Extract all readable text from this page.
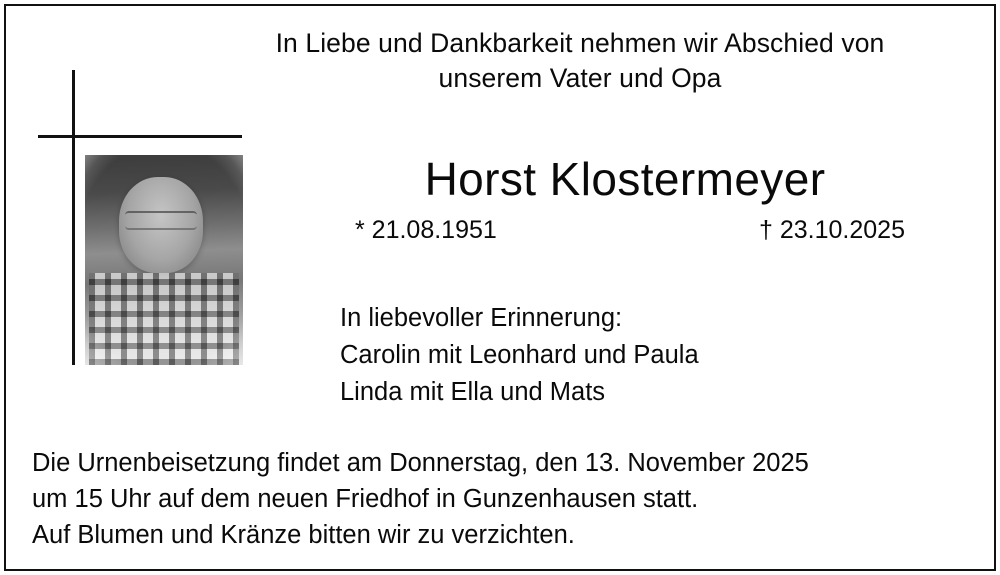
In Liebe und Dankbarkeit nehmen wir Abschied von
unserem Vater und Opa
Horst Klostermeyer
* 21.08.1951	† 23.10.2025
In liebevoller Erinnerung:
Carolin mit Leonhard und Paula
Linda mit Ella und Mats
Die Urnenbeisetzung findet am Donnerstag, den 13. November 2025
um 15 Uhr auf dem neuen Friedhof in Gunzenhausen statt.
Auf Blumen und Kränze bitten wir zu verzichten.
